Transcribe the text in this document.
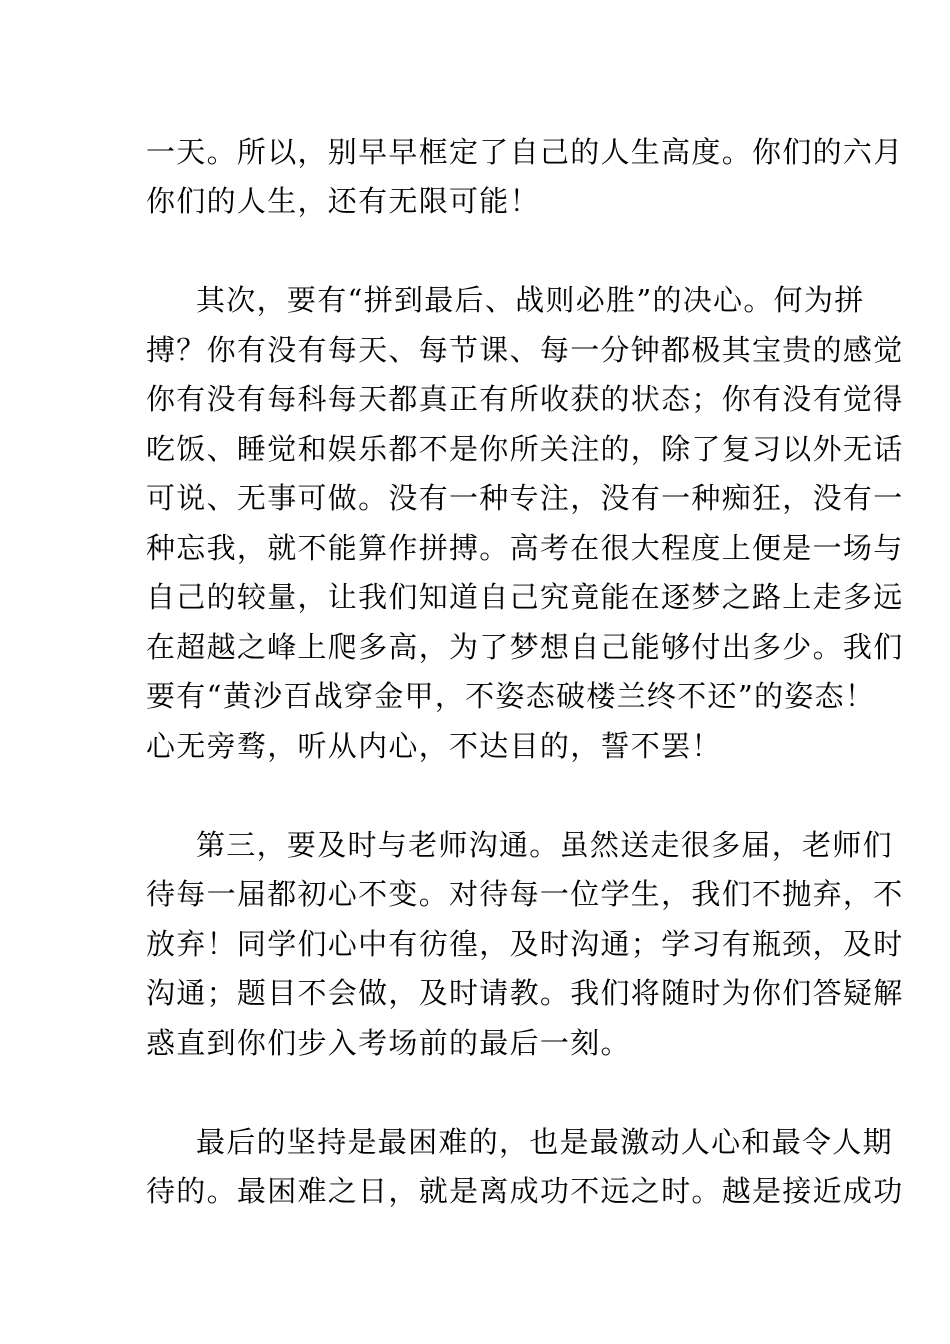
一天。所以，别早早框定了自己的人生高度。你们的六月
你们的人生，还有无限可能！
其次，要有“拼到最后、战则必胜”的决心。何为拼
搏？你有没有每天、每节课、每一分钟都极其宝贵的感觉
你有没有每科每天都真正有所收获的状态；你有没有觉得
吃饭、睡觉和娱乐都不是你所关注的，除了复习以外无话
可说、无事可做。没有一种专注，没有一种痴狂，没有一
种忘我，就不能算作拼搏。高考在很大程度上便是一场与
自己的较量，让我们知道自己究竟能在逐梦之路上走多远
在超越之峰上爬多高，为了梦想自己能够付出多少。我们
要有“黄沙百战穿金甲，不姿态破楼兰终不还”的姿态！
心无旁骛，听从内心，不达目的，誓不罢！
第三，要及时与老师沟通。虽然送走很多届，老师们
待每一届都初心不变。对待每一位学生，我们不抛弃，不
放弃！同学们心中有彷徨，及时沟通；学习有瓶颈，及时
沟通；题目不会做，及时请教。我们将随时为你们答疑解
惑直到你们步入考场前的最后一刻。
最后的坚持是最困难的，也是最激动人心和最令人期
待的。最困难之日，就是离成功不远之时。越是接近成功
